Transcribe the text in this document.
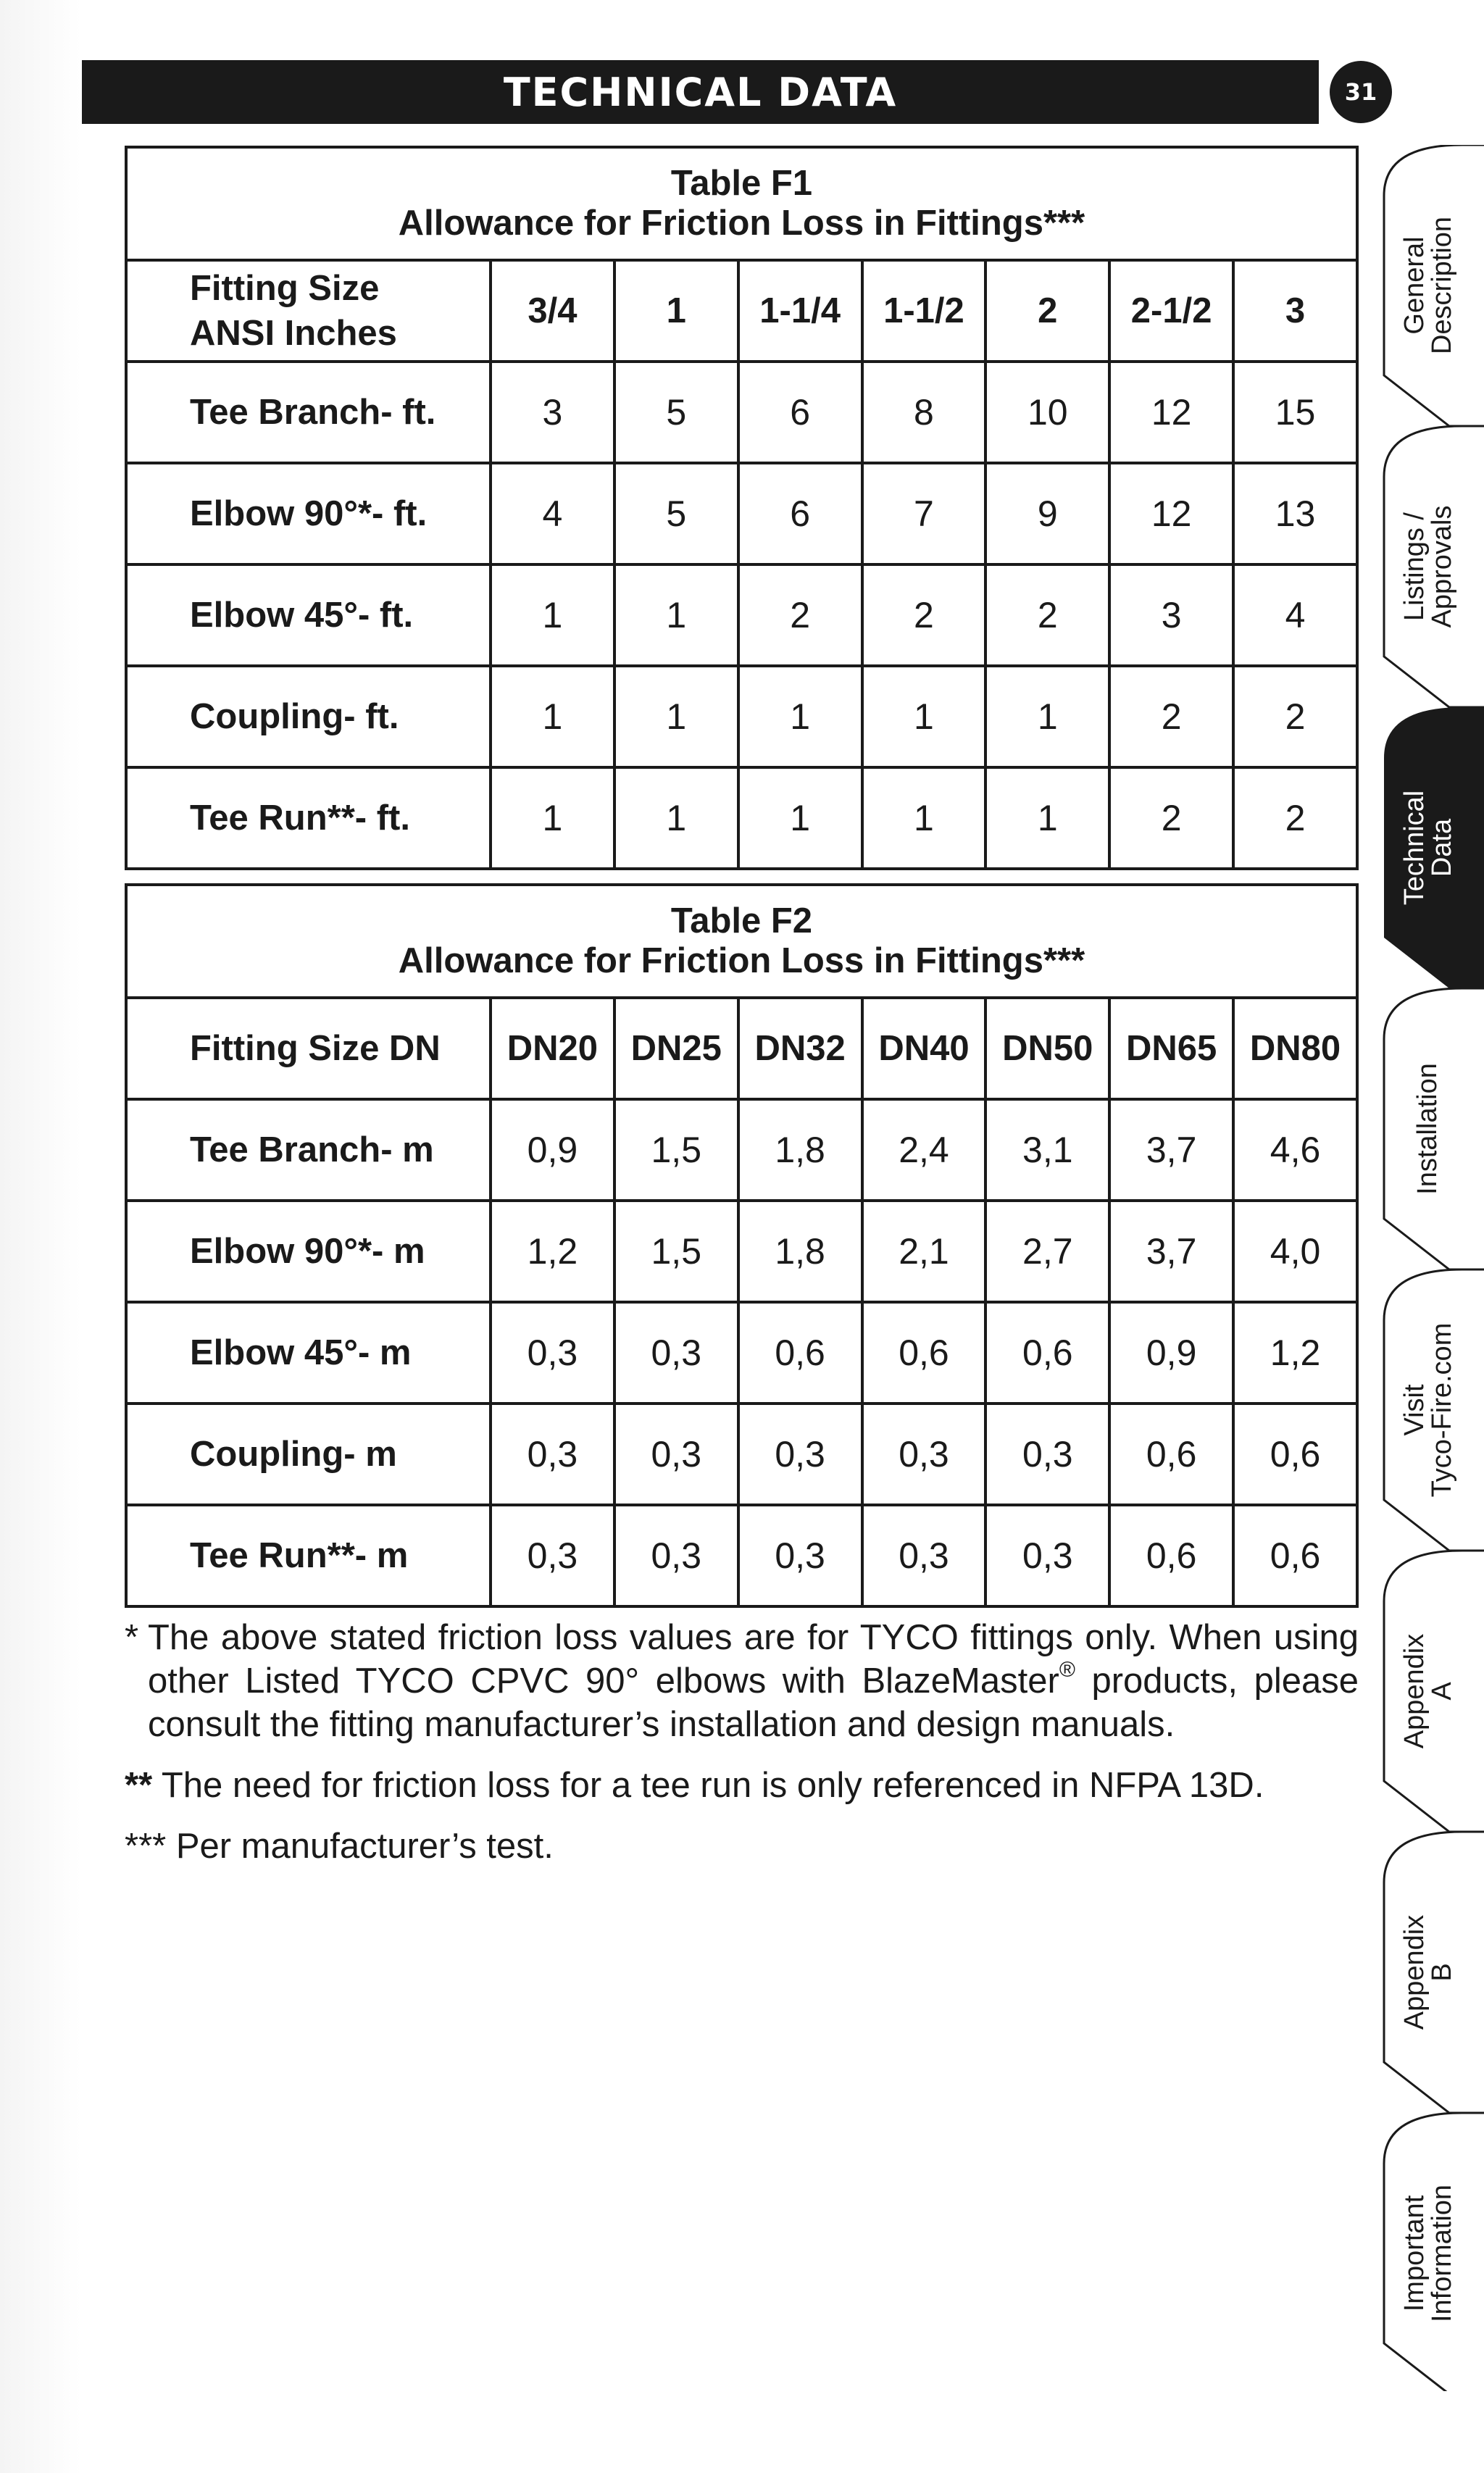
TECHNICAL DATA	31
Table F1
Allowance for Friction Loss in Fittings***							

Fitting Size
ANSI Inches	3/4	1	1-1/4	1-1/2	2	2-1/2	3
Tee Branch- ft.	3	5	6	8	10	12	15
Elbow 90°*- ft.	4	5	6	7	9	12	13
Elbow 45°- ft.	1	1	2	2	2	3	4
Coupling- ft.	1	1	1	1	1	2	2
Tee Run**- ft.	1	1	1	1	1	2	2
Table F2
Allowance for Friction Loss in Fittings***							

Fitting Size DN	DN20	DN25	DN32	DN40	DN50	DN65	DN80
Tee Branch- m	0,9	1,5	1,8	2,4	3,1	3,7	4,6
Elbow 90°*- m	1,2	1,5	1,8	2,1	2,7	3,7	4,0
Elbow 45°- m	0,3	0,3	0,6	0,6	0,6	0,9	1,2
Coupling- m	0,3	0,3	0,3	0,3	0,3	0,6	0,6
Tee Run**- m	0,3	0,3	0,3	0,3	0,3	0,6	0,6
* The above stated friction loss values are for TYCO fittings only. When using other Listed TYCO CPVC 90° elbows with BlazeMaster® products, please consult the fitting manufacturer’s installation and design manuals.
** The need for friction loss for a tee run is only referenced in NFPA 13D.
*** Per manufacturer’s test.
GeneralDescription
Listings /Approvals
TechnicalData
Installation
VisitTyco-Fire.com
AppendixA
AppendixB
ImportantInformation
